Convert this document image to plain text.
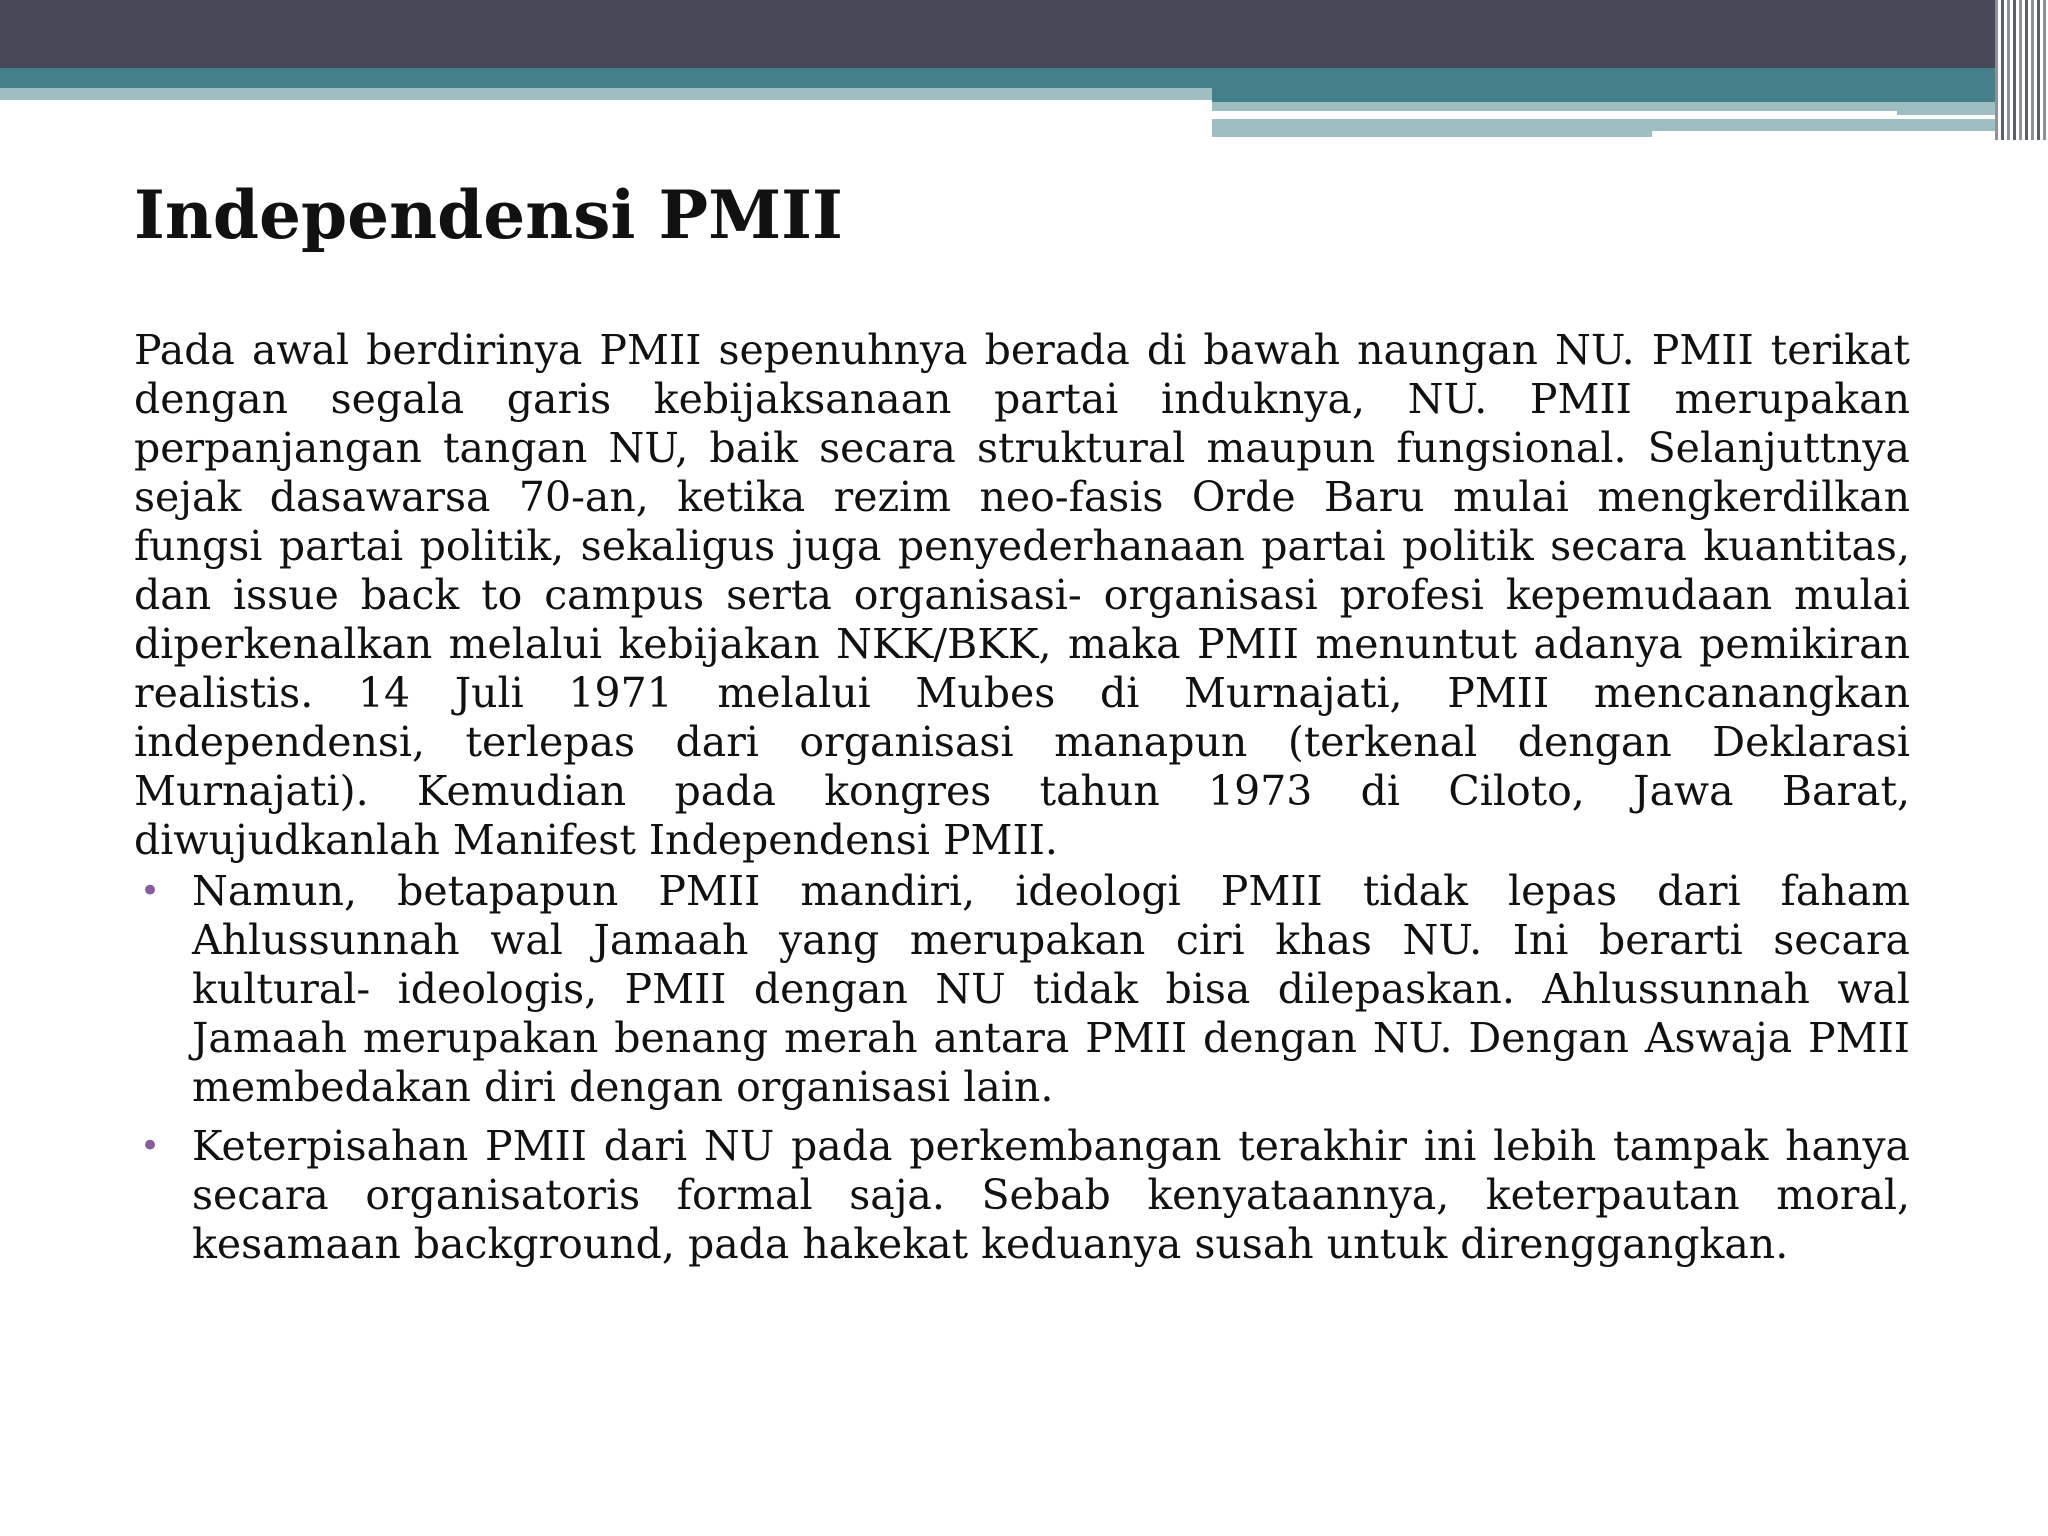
Independensi PMII

Pada awal berdirinya PMII sepenuhnya berada di bawah naungan NU. PMII terikat dengan segala garis kebijaksanaan partai induknya, NU. PMII merupakan perpanjangan tangan NU, baik secara struktural maupun fungsional. Selanjuttnya sejak dasawarsa 70-an, ketika rezim neo-fasis Orde Baru mulai mengkerdilkan fungsi partai politik, sekaligus juga penyederhanaan partai politik secara kuantitas, dan issue back to campus serta organisasi- organisasi profesi kepemudaan mulai diperkenalkan melalui kebijakan NKK/BKK, maka PMII menuntut adanya pemikiran realistis. 14 Juli 1971 melalui Mubes di Murnajati, PMII mencanangkan independensi, terlepas dari organisasi manapun (terkenal dengan Deklarasi Murnajati). Kemudian pada kongres tahun 1973 di Ciloto, Jawa Barat, diwujudkanlah Manifest Independensi PMII.

• Namun, betapapun PMII mandiri, ideologi PMII tidak lepas dari faham Ahlussunnah wal Jamaah yang merupakan ciri khas NU. Ini berarti secara kultural- ideologis, PMII dengan NU tidak bisa dilepaskan. Ahlussunnah wal Jamaah merupakan benang merah antara PMII dengan NU. Dengan Aswaja PMII membedakan diri dengan organisasi lain.
• Keterpisahan PMII dari NU pada perkembangan terakhir ini lebih tampak hanya secara organisatoris formal saja. Sebab kenyataannya, keterpautan moral, kesamaan background, pada hakekat keduanya susah untuk direnggangkan.
